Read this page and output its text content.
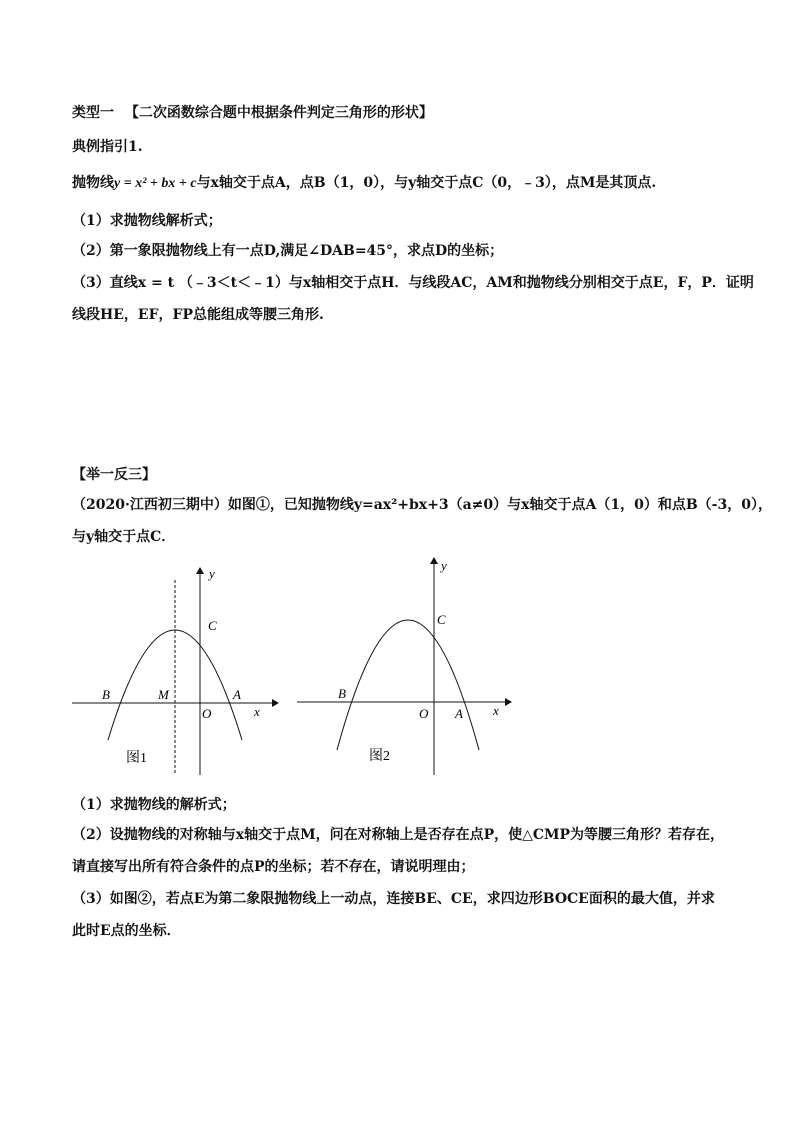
类型一 【二次函数综合题中根据条件判定三角形的形状】
典例指引1.
抛物线y = x² + bx + c与x轴交于点A，点B（1，0），与y轴交于点C（0，﹣3），点M是其顶点.
（1）求抛物线解析式；
（2）第一象限抛物线上有一点D,满足∠DAB=45°，求点D的坐标；
（3）直线x = t （﹣3＜t＜﹣1）与x轴相交于点H．与线段AC，AM和抛物线分别相交于点E，F，P．证明
线段HE，EF，FP总能组成等腰三角形.
【举一反三】
（2020·江西初三期中）如图①，已知抛物线y=ax²+bx+3（a≠0）与x轴交于点A（1，0）和点B（-3，0），
与y轴交于点C．
y
C
B	M	A
O	x
图1
y
C
B
O A x
图2
（1）求抛物线的解析式；
（2）设抛物线的对称轴与x轴交于点M，问在对称轴上是否存在点P，使△CMP为等腰三角形？若存在，
请直接写出所有符合条件的点P的坐标；若不存在，请说明理由；
（3）如图②，若点E为第二象限抛物线上一动点，连接BE、CE，求四边形BOCE面积的最大值，并求
此时E点的坐标．
